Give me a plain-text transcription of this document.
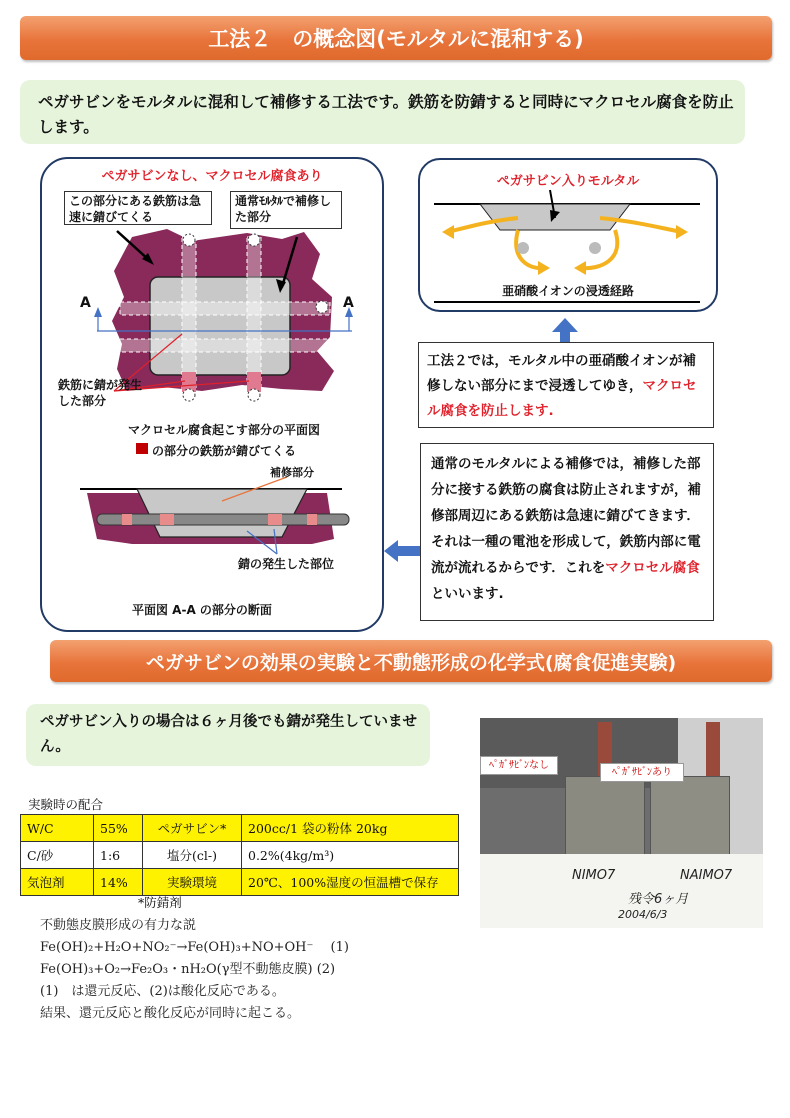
工法２　の概念図(モルタルに混和する)
ペガサビンをモルタルに混和して補修する工法です。鉄筋を防錆すると同時にマクロセル腐食を防止します。
ペガサビンなし、マクロセル腐食あり
この部分にある鉄筋は急速に錆びてくる
通常ﾓﾙﾀﾙで補修した部分
A	A
鉄筋に錆が発生した部分
マクロセル腐食起こす部分の平面図
の部分の鉄筋が錆びてくる
補修部分
錆の発生した部位
平面図 A-A の部分の断面
ペガサビン入りモルタル
亜硝酸イオンの浸透経路
工法２では，モルタル中の亜硝酸イオンが補修しない部分にまで浸透してゆき，マクロセル腐食を防止します.
通常のモルタルによる補修では，補修した部分に接する鉄筋の腐食は防止されますが，補修部周辺にある鉄筋は急速に錆びてきます．それは一種の電池を形成して，鉄筋内部に電流が流れるからです．これをマクロセル腐食といいます.
ペガサビンの効果の実験と不動態形成の化学式(腐食促進実験)
ペガサビン入りの場合は６ヶ月後でも錆が発生していません。
ﾍﾟｶﾞｻﾋﾞﾝなし
ﾍﾟｶﾞｻﾋﾞﾝあり
NIMO7	NAIMO7
残令6ヶ月
2004/6/3
実験時の配合
W/C	55%	ペガサビン*	200cc/1 袋の粉体 20kg
C/砂	1:6	塩分(cl-)	0.2%(4kg/m³)
気泡剤	14%	実験環境	20℃、100%湿度の恒温槽で保存
*防錆剤
不動態皮膜形成の有力な説
Fe(OH)₂+H₂O+NO₂⁻→Fe(OH)₃+NO+OH⁻　 (1)
Fe(OH)₃+O₂→Fe₂O₃・nH₂O(γ型不動態皮膜) (2)
(1)　は還元反応、(2)は酸化反応である。
結果、還元反応と酸化反応が同時に起こる。
